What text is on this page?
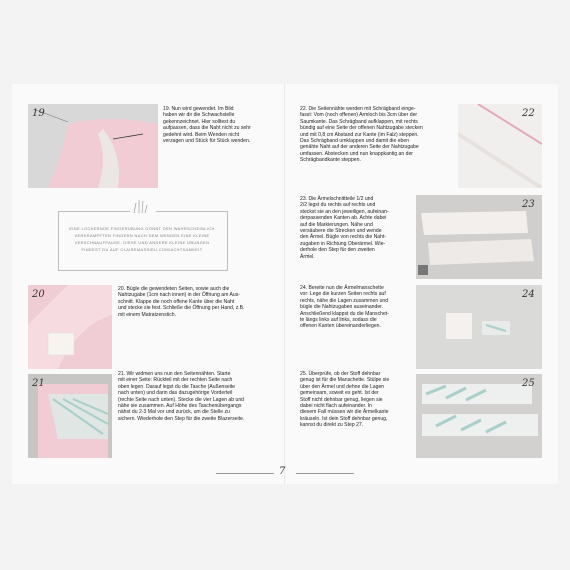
19	19. Nun wird gewendet. Im Bild
haben wir dir die Schwachstelle
gekennzeichnet. Hier solltest du
aufpassen, dass die Naht nicht zu sehr
gedehnt wird. Beim Wenden nicht
verzagen und Stück für Stück wenden.
EINE LOCKERNDE FINGERÜBUNG GÖNNT DEN WAHRSCHEINLICH
VERKRAMPFTEN FINGERN NACH DEM WENDEN EINE KLEINE
VERSCHNAUFPAUSE. DIESE UND ANDERE KLEINE ÜBUNGEN
FINDEST DU AUF CLAIREMASSIEU.COM/ACHTSAMKEIT
20	20. Bügle die gewendeten Seiten, sowie auch die
Nahtzugabe (1cm nach innen) in der Öffnung am Aus-
schnitt. Klappe die noch offene Kante über die Naht
und stecke sie fest. Schließe die Öffnung per Hand, z.B.
mit einem Matratzenstich.
21
21. Wir widmen uns nun den Seitennähten. Starte
mit einer Seite: Rückteil mit der rechten Seite nach
oben legen. Darauf legst du die Tasche (Außenseite
nach unten) und darin das dazugehörige Vorderteil
(rechte Seite nach unten). Stecke die vier Lagen ab und
nähe sie zusammen. Auf Höhe des Taschenübergangs
nähst du 2-3 Mal vor und zurück, um die Stelle zu
sichern. Wiederhole den Step für die zweite Blazerseite.
22. Die Seitennähte werden mit Schrägband einge-
fasst: Vom (noch offenen) Armloch bis 3cm über der
Saumkante. Das Schrägband aufklappen, mit rechts
bündig auf eine Seite der offenen Nahtzugabe stecken
und mit 0,8 cm Abstand zur Kante (im Falz) steppen.
Das Schrägband umklappen und damit die eben
genähte Naht auf der anderen Seite der Nahtzugabe
umfassen. Abstecken und nun knappkantig an der
Schrägbandkante steppen.
22
23. Die Ärmelschnittteile 1/2 und
2/2 legst du rechts auf rechts und
steckst sie an den jeweiligen, aufeinan-
derpassenden Kanten ab. Achte dabei
auf die Markierungen. Nähe und
versäubere die Strecken und wende
den Ärmel. Bügle von rechts die Naht-
zugaben in Richtung Oberärmel. Wie-
derhole den Step für den zweiten
Ärmel.
23
24. Bereite nun die Ärmelmanschette
vor: Lege die kurzen Seiten rechts auf
rechts, nähe die Lagen zusammen und
bügle die Nahtzugaben auseinander.
Anschließend klappst du die Manschet-
te längs links auf links, sodass die
offenen Kanten übereinanderliegen.
24
25. Überprüfe, ob der Stoff dehnbar
genug ist für die Manschette. Stülpe sie
über den Ärmel und dehne die Lagen
gemeinsam, soweit es geht. Ist der
Stoff nicht dehnbar genug, liegen sie
dabei nicht flach aufeinander. In
diesem Fall müssen wir die Ärmelkante
kräuseln. Ist dein Stoff dehnbar genug,
kannst du direkt zu Step 27.
25
7
